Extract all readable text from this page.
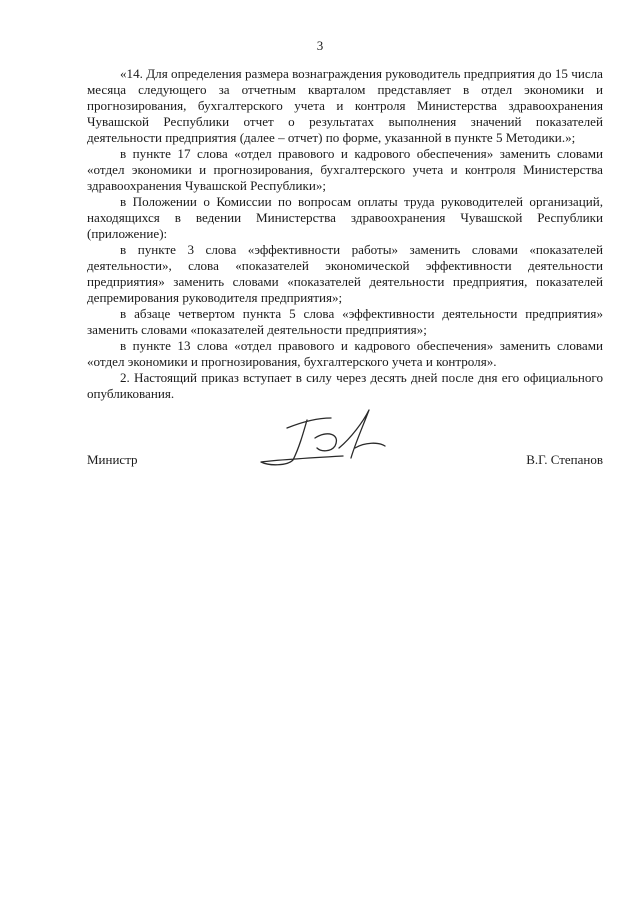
3

«14. Для определения размера вознаграждения руководитель предприятия до 15 числа месяца следующего за отчетным кварталом представляет в отдел экономики и прогнозирования, бухгалтерского учета и контроля Министерства здравоохранения Чувашской Республики отчет о результатах выполнения значений показателей деятельности предприятия (далее – отчет) по форме, указанной в пункте 5 Методики.»;

в пункте 17 слова «отдел правового и кадрового обеспечения» заменить словами «отдел экономики и прогнозирования, бухгалтерского учета и контроля Министерства здравоохранения Чувашской Республики»;

в Положении о Комиссии по вопросам оплаты труда руководителей организаций, находящихся в ведении Министерства здравоохранения Чувашской Республики (приложение):

в пункте 3 слова «эффективности работы» заменить словами «показателей деятельности», слова «показателей экономической эффективности деятельности предприятия» заменить словами «показателей деятельности предприятия, показателей депремирования руководителя предприятия»;

в абзаце четвертом пункта 5 слова «эффективности деятельности предприятия» заменить словами «показателей деятельности предприятия»;

в пункте 13 слова «отдел правового и кадрового обеспечения» заменить словами «отдел экономики и прогнозирования, бухгалтерского учета и контроля».

2. Настоящий приказ вступает в силу через десять дней после дня его официального опубликования.

Министр	В.Г. Степанов
